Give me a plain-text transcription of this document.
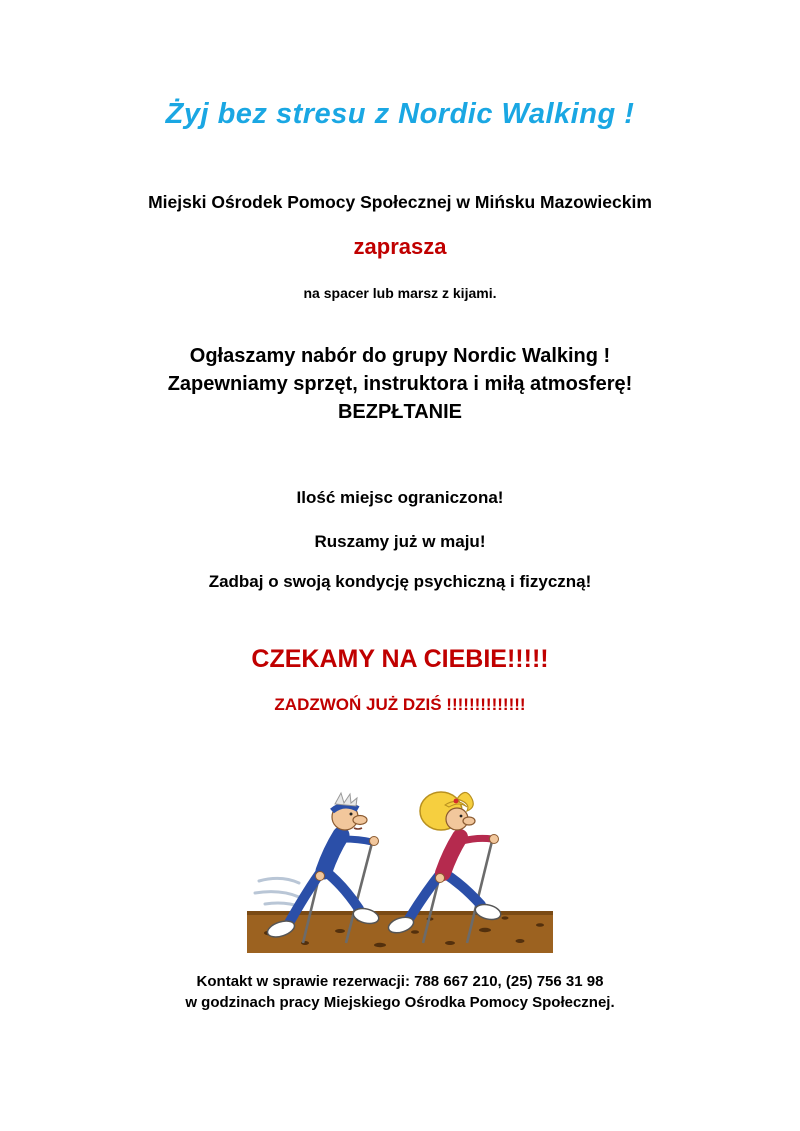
Żyj bez stresu z Nordic Walking !
Miejski Ośrodek Pomocy Społecznej w Mińsku Mazowieckim
zaprasza
na spacer lub marsz z kijami.
Ogłaszamy nabór do grupy Nordic Walking !
Zapewniamy sprzęt, instruktora i miłą atmosferę!
BEZPŁTANIE
Ilość miejsc ograniczona!
Ruszamy już w maju!
Zadbaj o swoją kondycję psychiczną i fizyczną!
CZEKAMY NA CIEBIE!!!!!
ZADZWOŃ JUŻ DZIŚ !!!!!!!!!!!!!!
Kontakt w sprawie rezerwacji: 788 667 210, (25) 756 31 98
w godzinach pracy Miejskiego Ośrodka Pomocy Społecznej.
